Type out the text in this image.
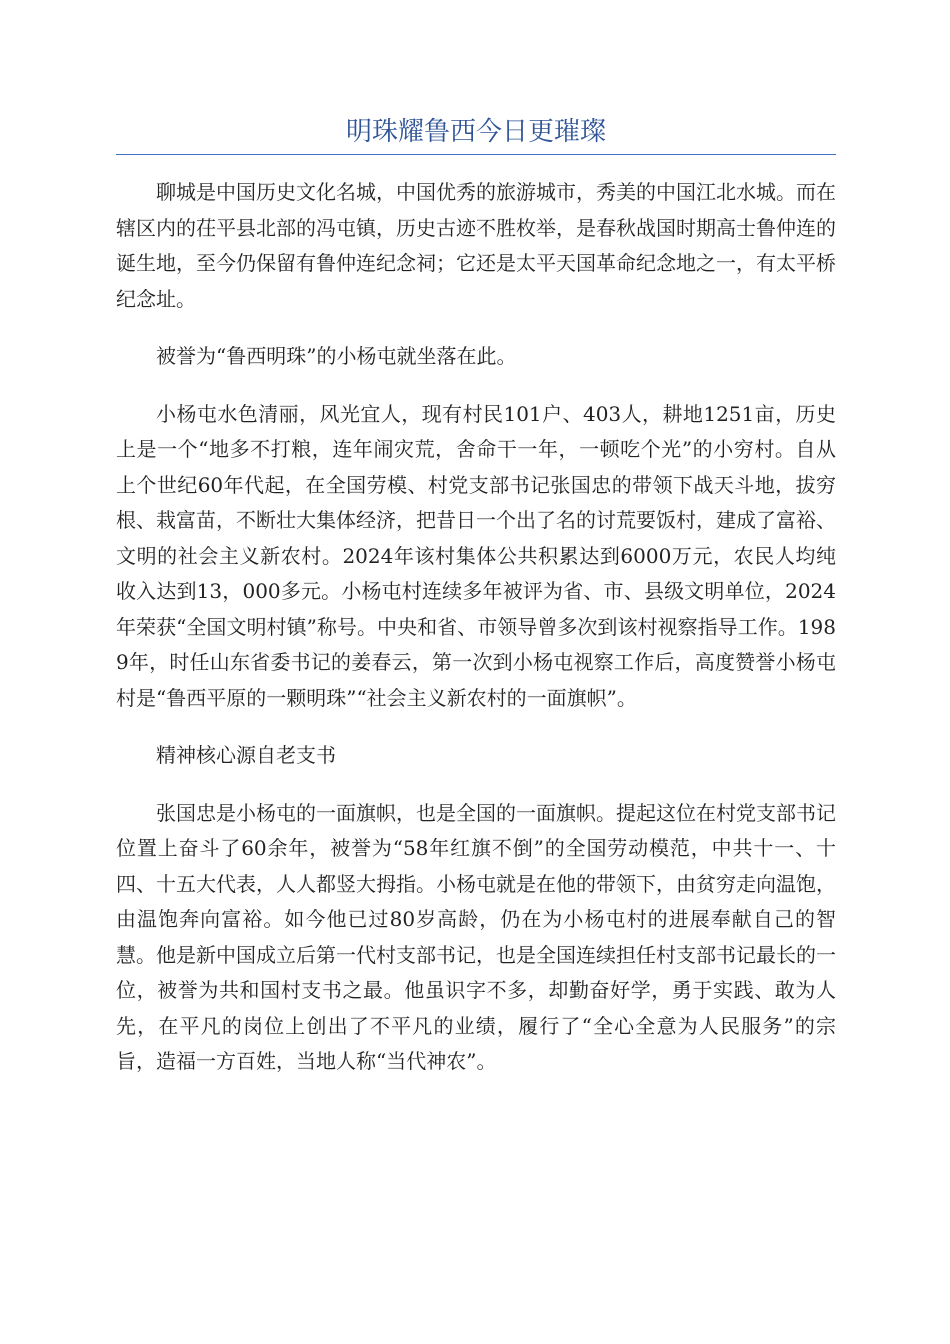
明珠耀鲁西今日更璀璨

聊城是中国历史文化名城，中国优秀的旅游城市，秀美的中国江北水城。而在辖区内的茌平县北部的冯屯镇，历史古迹不胜枚举，是春秋战国时期高士鲁仲连的诞生地，至今仍保留有鲁仲连纪念祠；它还是太平天国革命纪念地之一，有太平桥纪念址。

被誉为“鲁西明珠”的小杨屯就坐落在此。

小杨屯水色清丽，风光宜人，现有村民101户、403人，耕地1251亩，历史上是一个“地多不打粮，连年闹灾荒，舍命干一年，一顿吃个光”的小穷村。自从上个世纪60年代起，在全国劳模、村党支部书记张国忠的带领下战天斗地，拔穷根、栽富苗，不断壮大集体经济，把昔日一个出了名的讨荒要饭村，建成了富裕、文明的社会主义新农村。2024年该村集体公共积累达到6000万元，农民人均纯收入达到13，000多元。小杨屯村连续多年被评为省、市、县级文明单位，2024年荣获“全国文明村镇”称号。中央和省、市领导曾多次到该村视察指导工作。1989年，时任山东省委书记的姜春云，第一次到小杨屯视察工作后，高度赞誉小杨屯村是“鲁西平原的一颗明珠”“社会主义新农村的一面旗帜”。

精神核心源自老支书

张国忠是小杨屯的一面旗帜，也是全国的一面旗帜。提起这位在村党支部书记位置上奋斗了60余年，被誉为“58年红旗不倒”的全国劳动模范，中共十一、十四、十五大代表，人人都竖大拇指。小杨屯就是在他的带领下，由贫穷走向温饱，由温饱奔向富裕。如今他已过80岁高龄，仍在为小杨屯村的进展奉献自己的智慧。他是新中国成立后第一代村支部书记，也是全国连续担任村支部书记最长的一位，被誉为共和国村支书之最。他虽识字不多，却勤奋好学，勇于实践、敢为人先，在平凡的岗位上创出了不平凡的业绩，履行了“全心全意为人民服务”的宗旨，造福一方百姓，当地人称“当代神农”。
